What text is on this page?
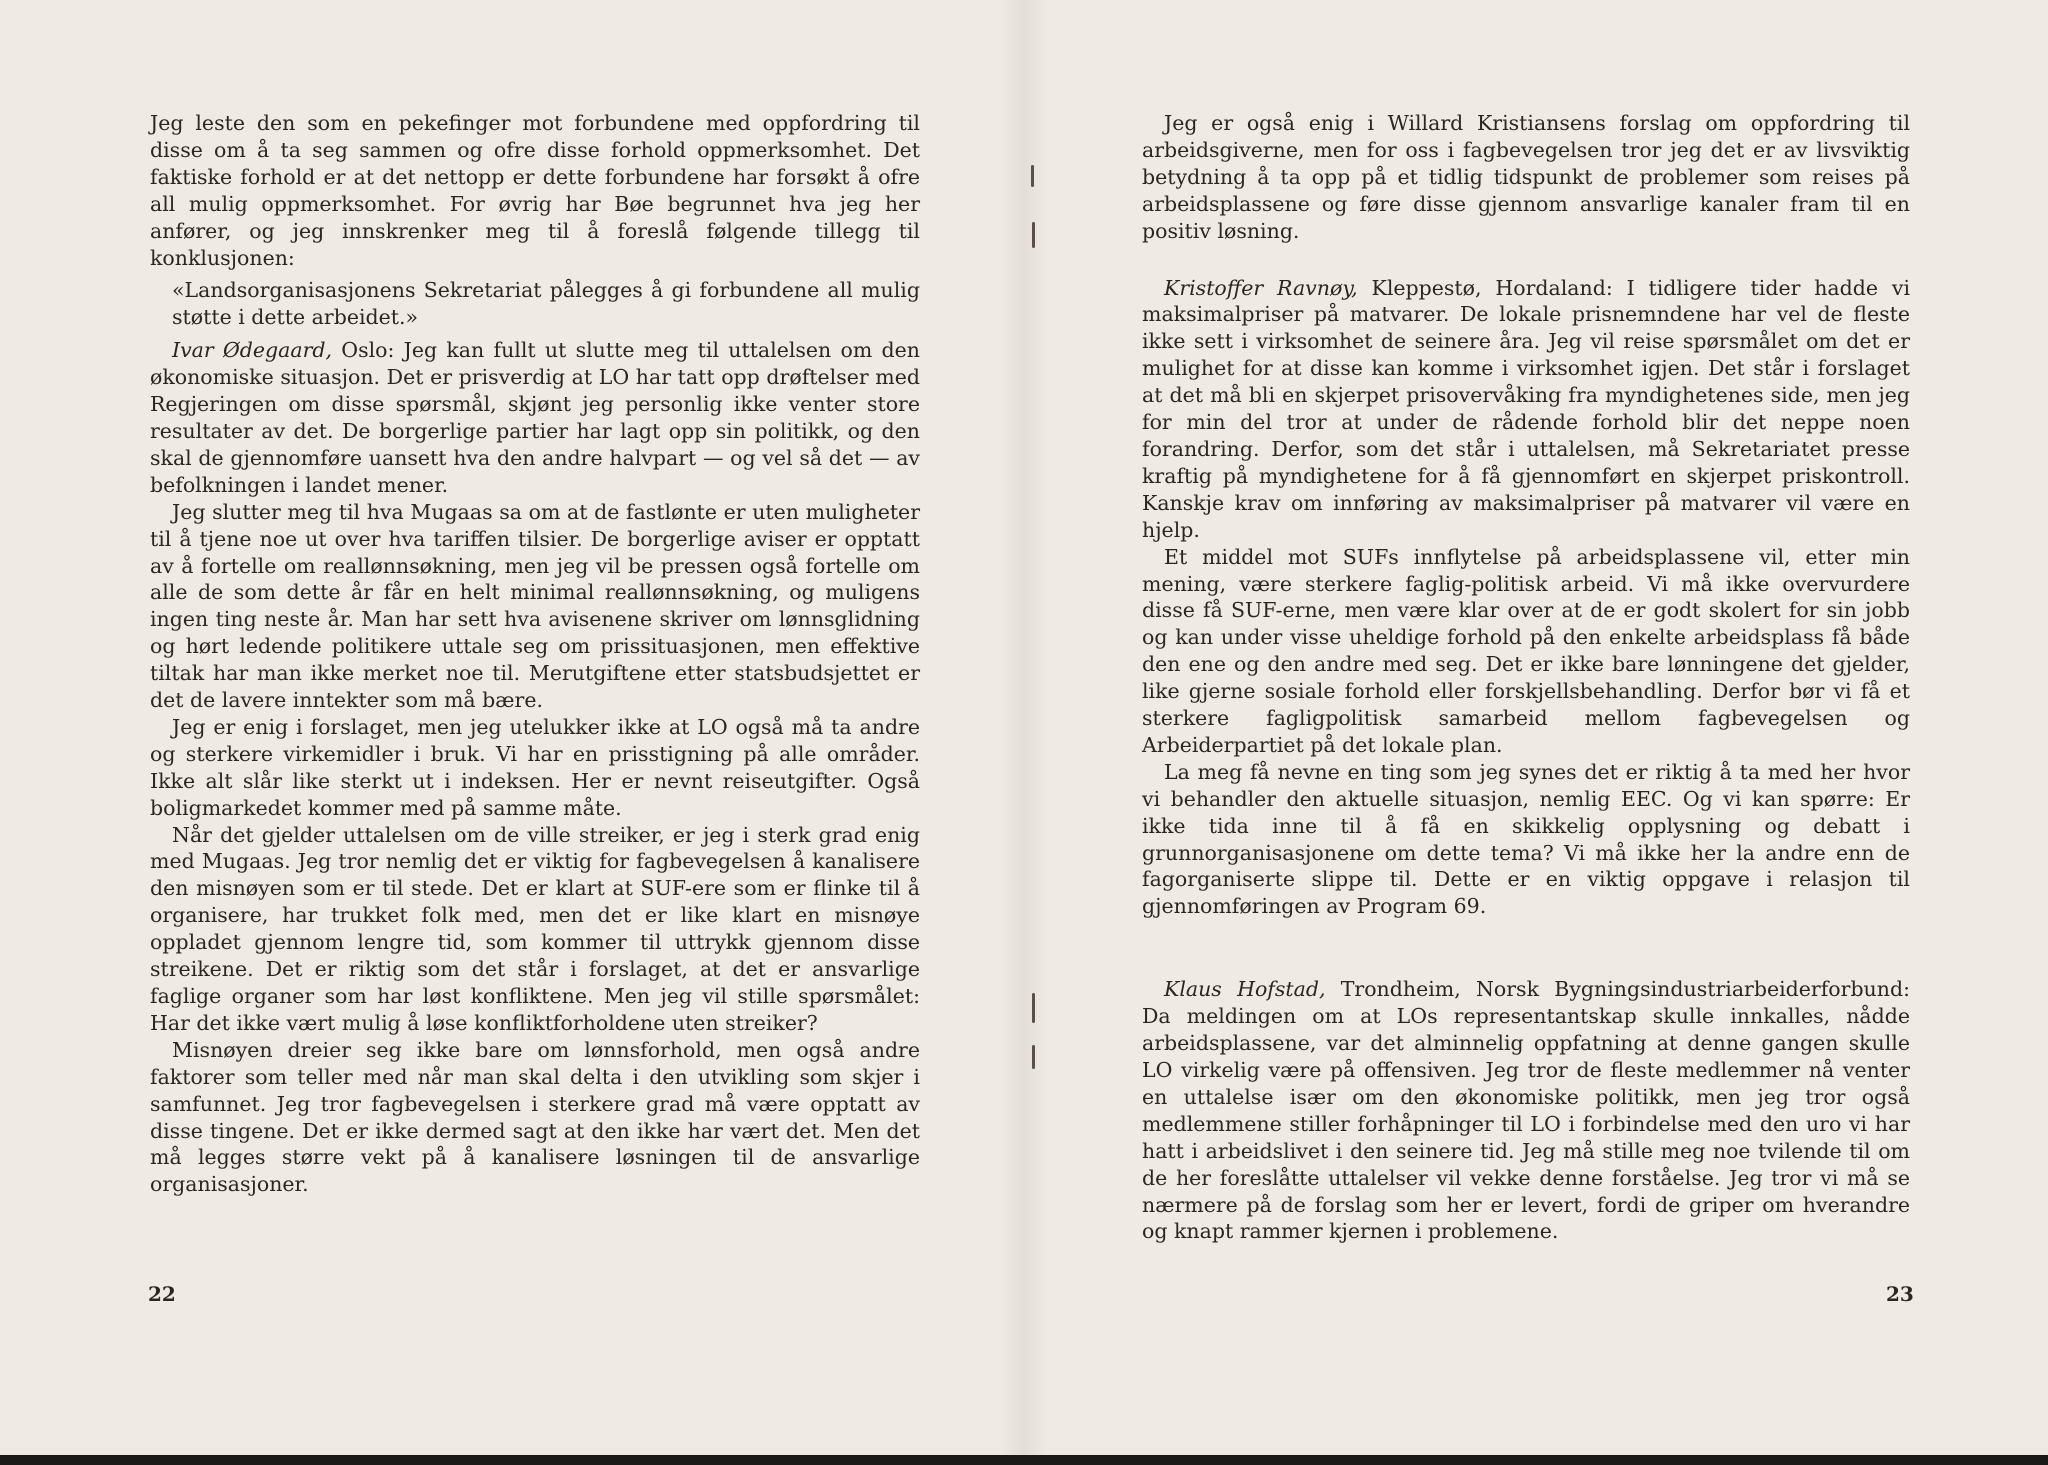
Jeg leste den som en pekefinger mot forbundene med oppfordring til disse om å ta seg sammen og ofre disse forhold oppmerksomhet. Det faktiske forhold er at det nettopp er dette forbundene har forsøkt å ofre all mulig oppmerksomhet. For øvrig har Bøe begrunnet hva jeg her anfører, og jeg innskrenker meg til å foreslå følgende tillegg til konklusjonen:

«Landsorganisasjonens Sekretariat pålegges å gi forbundene all mulig støtte i dette arbeidet.»

Ivar Ødegaard, Oslo: Jeg kan fullt ut slutte meg til uttalelsen om den økonomiske situasjon. Det er prisverdig at LO har tatt opp drøftelser med Regjeringen om disse spørsmål, skjønt jeg personlig ikke venter store resultater av det. De borgerlige partier har lagt opp sin politikk, og den skal de gjennomføre uansett hva den andre halvpart — og vel så det — av befolkningen i landet mener.

Jeg slutter meg til hva Mugaas sa om at de fastlønte er uten muligheter til å tjene noe ut over hva tariffen tilsier. De borgerlige aviser er opptatt av å fortelle om reallønnsøkning, men jeg vil be pressen også fortelle om alle de som dette år får en helt minimal reallønnsøkning, og muligens ingen ting neste år. Man har sett hva avisenene skriver om lønnsglidning og hørt ledende politikere uttale seg om prissituasjonen, men effektive tiltak har man ikke merket noe til. Merutgiftene etter statsbudsjettet er det de lavere inntekter som må bære.

Jeg er enig i forslaget, men jeg utelukker ikke at LO også må ta andre og sterkere virkemidler i bruk. Vi har en prisstigning på alle områder. Ikke alt slår like sterkt ut i indeksen. Her er nevnt reiseutgifter. Også boligmarkedet kommer med på samme måte.

Når det gjelder uttalelsen om de ville streiker, er jeg i sterk grad enig med Mugaas. Jeg tror nemlig det er viktig for fagbevegelsen å kanalisere den misnøyen som er til stede. Det er klart at SUF-ere som er flinke til å organisere, har trukket folk med, men det er like klart en misnøye oppladet gjennom lengre tid, som kommer til uttrykk gjennom disse streikene. Det er riktig som det står i forslaget, at det er ansvarlige faglige organer som har løst konfliktene. Men jeg vil stille spørsmålet: Har det ikke vært mulig å løse konfliktforholdene uten streiker?

Misnøyen dreier seg ikke bare om lønnsforhold, men også andre faktorer som teller med når man skal delta i den utvikling som skjer i samfunnet. Jeg tror fagbevegelsen i sterkere grad må være opptatt av disse tingene. Det er ikke dermed sagt at den ikke har vært det. Men det må legges større vekt på å kanalisere løsningen til de ansvarlige organisasjoner.

22

Jeg er også enig i Willard Kristiansens forslag om oppfordring til arbeidsgiverne, men for oss i fagbevegelsen tror jeg det er av livsviktig betydning å ta opp på et tidlig tidspunkt de problemer som reises på arbeidsplassene og føre disse gjennom ansvarlige kanaler fram til en positiv løsning.

Kristoffer Ravnøy, Kleppestø, Hordaland: I tidligere tider hadde vi maksimalpriser på matvarer. De lokale prisnemndene har vel de fleste ikke sett i virksomhet de seinere åra. Jeg vil reise spørsmålet om det er mulighet for at disse kan komme i virksomhet igjen. Det står i forslaget at det må bli en skjerpet prisovervåking fra myndighetenes side, men jeg for min del tror at under de rådende forhold blir det neppe noen forandring. Derfor, som det står i uttalelsen, må Sekretariatet presse kraftig på myndighetene for å få gjennomført en skjerpet priskontroll. Kanskje krav om innføring av maksimalpriser på matvarer vil være en hjelp.

Et middel mot SUFs innflytelse på arbeidsplassene vil, etter min mening, være sterkere faglig-politisk arbeid. Vi må ikke overvurdere disse få SUF-erne, men være klar over at de er godt skolert for sin jobb og kan under visse uheldige forhold på den enkelte arbeidsplass få både den ene og den andre med seg. Det er ikke bare lønningene det gjelder, like gjerne sosiale forhold eller forskjellsbehandling. Derfor bør vi få et sterkere fagligpolitisk samarbeid mellom fagbevegelsen og Arbeiderpartiet på det lokale plan.

La meg få nevne en ting som jeg synes det er riktig å ta med her hvor vi behandler den aktuelle situasjon, nemlig EEC. Og vi kan spørre: Er ikke tida inne til å få en skikkelig opplysning og debatt i grunnorganisasjonene om dette tema? Vi må ikke her la andre enn de fagorganiserte slippe til. Dette er en viktig oppgave i relasjon til gjennomføringen av Program 69.

Klaus Hofstad, Trondheim, Norsk Bygningsindustriarbeiderforbund: Da meldingen om at LOs representantskap skulle innkalles, nådde arbeidsplassene, var det alminnelig oppfatning at denne gangen skulle LO virkelig være på offensiven. Jeg tror de fleste medlemmer nå venter en uttalelse især om den økonomiske politikk, men jeg tror også medlemmene stiller forhåpninger til LO i forbindelse med den uro vi har hatt i arbeidslivet i den seinere tid. Jeg må stille meg noe tvilende til om de her foreslåtte uttalelser vil vekke denne forståelse. Jeg tror vi må se nærmere på de forslag som her er levert, fordi de griper om hverandre og knapt rammer kjernen i problemene.

23
